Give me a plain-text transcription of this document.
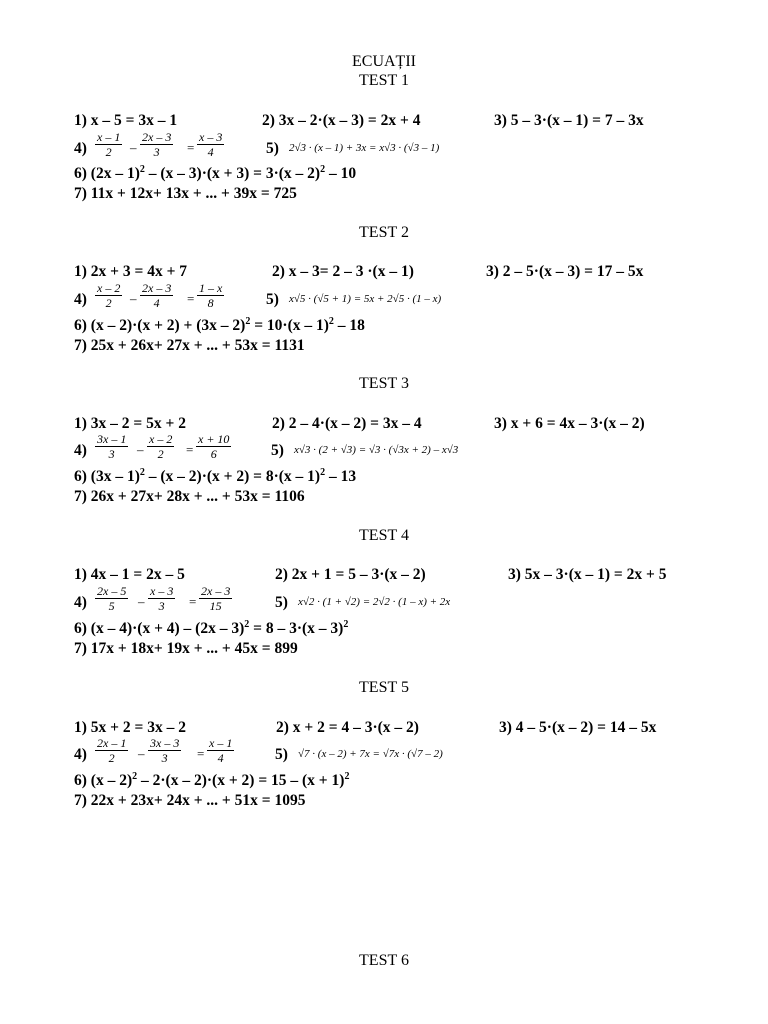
ECUAȚII
TEST 1
1) x – 5 = 3x – 1	2) 3x – 2·(x – 3) = 2x + 4	3) 5 – 3·(x – 1) = 7 – 3x
$4) \frac{x - 1}{2} - \frac{2x - 3}{3} = \frac{x - 3}{4}$	5) 2√3 · (x – 1) + 3x = x√3 · (√3 – 1)
6) (2x – 1)$^2$ – (x – 3)·(x + 3) = 3·(x – 2)$^2$ – 10
7) 11x + 12x+ 13x + ... + 39x = 725
TEST 2
1) 2x + 3 = 4x + 7	2) x – 3= 2 – 3 ·(x – 1)	3) 2 – 5·(x – 3) = 17 – 5x
$4) \frac{x - 2}{2} - \frac{2x - 3}{4} = \frac{1 - x}{8}$	5) x√5 · (√5 + 1) = 5x + 2√5 · (1 – x)
6) (x – 2)·(x + 2) + (3x – 2)$^2$ = 10·(x – 1)$^2$ – 18
7) 25x + 26x+ 27x + ... + 53x = 1131
TEST 3
1) 3x – 2 = 5x + 2	2) 2 – 4·(x – 2) = 3x – 4	3) x + 6 = 4x – 3·(x – 2)
$4) \frac{3x - 1}{3} - \frac{x - 2}{2} = \frac{x + 10}{6}$	5) x√3 · (2 + √3) = √3 · (√3x + 2) – x√3
6) (3x – 1)$^2$ – (x – 2)·(x + 2) = 8·(x – 1)$^2$ – 13
7) 26x + 27x+ 28x + ... + 53x = 1106
TEST 4
1) 4x – 1 = 2x – 5	2) 2x + 1 = 5 – 3·(x – 2)	3) 5x – 3·(x – 1) = 2x + 5
$4) \frac{2x - 5}{5} - \frac{x - 3}{3} = \frac{2x - 3}{15}$	5) x√2 · (1 + √2) = 2√2 · (1 – x) + 2x
6) (x – 4)·(x + 4) – (2x – 3)$^2$ = 8 – 3·(x – 3)$^2$
7) 17x + 18x+ 19x + ... + 45x = 899
TEST 5
1) 5x + 2 = 3x – 2	2) x + 2 = 4 – 3·(x – 2)	3) 4 – 5·(x – 2) = 14 – 5x
$4) \frac{2x - 1}{2} - \frac{3x - 3}{3} = \frac{x - 1}{4}$	5) √7 · (x – 2) + 7x = √7x · (√7 – 2)
6) $(x - 2)^2 - 2\cdot(x - 2)\cdot(x + 2) = 15 - (x + 1)^2$
7) 22x + 23x+ 24x + ... + 51x = 1095
TEST 6
